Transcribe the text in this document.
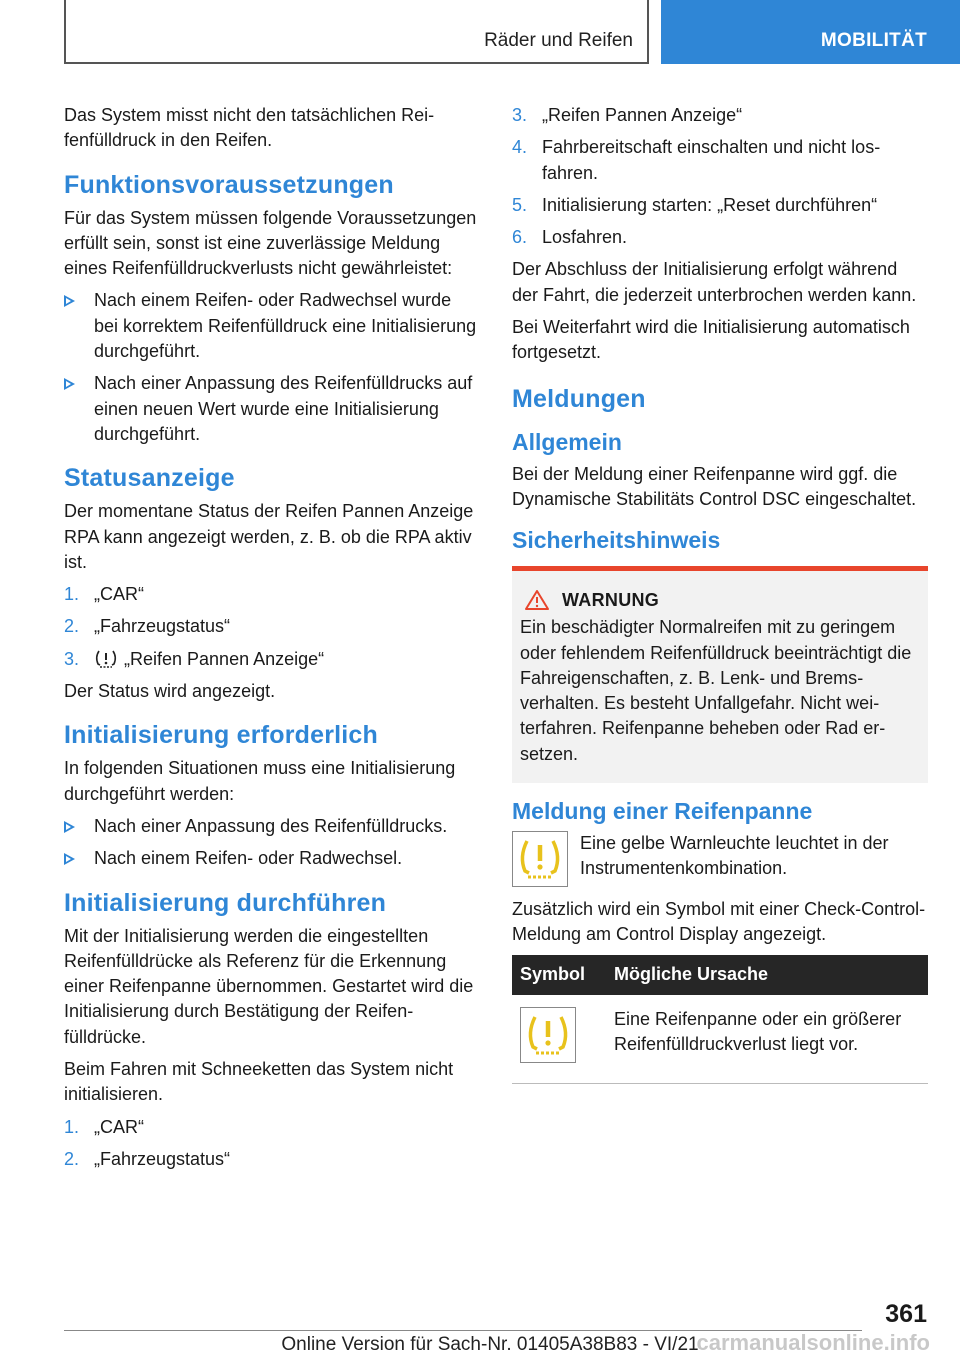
Räder und Reifen	MOBILITÄT

Das System misst nicht den tatsächlichen Reifenfülldruck in den Reifen.

Funktionsvoraussetzungen

Für das System müssen folgende Voraussetzungen erfüllt sein, sonst ist eine zuverlässige Meldung eines Reifenfülldruckverlusts nicht gewährleistet:

Nach einem Reifen- oder Radwechsel wurde bei korrektem Reifenfülldruck eine Initialisierung durchgeführt.
Nach einer Anpassung des Reifenfülldrucks auf einen neuen Wert wurde eine Initialisierung durchgeführt.
Statusanzeige

Der momentane Status der Reifen Pannen Anzeige RPA kann angezeigt werden, z. B. ob die RPA aktiv ist.

1. „CAR“
2. „Fahrzeugstatus“
3. „Reifen Pannen Anzeige“

Der Status wird angezeigt.

Initialisierung erforderlich

In folgenden Situationen muss eine Initialisierung durchgeführt werden:

Nach einer Anpassung des Reifenfülldrucks.
Nach einem Reifen- oder Radwechsel.
Initialisierung durchführen

Mit der Initialisierung werden die eingestellten Reifenfülldrücke als Referenz für die Erkennung einer Reifenpanne übernommen. Gestartet wird die Initialisierung durch Bestätigung der Reifenfülldrücke.

Beim Fahren mit Schneeketten das System nicht initialisieren.

1. „CAR“
2. „Fahrzeugstatus“
3. „Reifen Pannen Anzeige“
4. Fahrbereitschaft einschalten und nicht losfahren.
5. Initialisierung starten: „Reset durchführen“
6. Losfahren.

Der Abschluss der Initialisierung erfolgt während der Fahrt, die jederzeit unterbrochen werden kann.

Bei Weiterfahrt wird die Initialisierung automatisch fortgesetzt.

Meldungen
Allgemein

Bei der Meldung einer Reifenpanne wird ggf. die Dynamische Stabilitäts Control DSC eingeschaltet.

Sicherheitshinweis
WARNUNG

Ein beschädigter Normalreifen mit zu geringem oder fehlendem Reifenfülldruck beeinträchtigt die Fahreigenschaften, z. B. Lenk- und Bremsverhalten. Es besteht Unfallgefahr. Nicht weiterfahren. Reifenpanne beheben oder Rad ersetzen.

Meldung einer Reifenpanne

Eine gelbe Warnleuchte leuchtet in der Instrumentenkombination.

Zusätzlich wird ein Symbol mit einer Check-Control-Meldung am Control Display angezeigt.

Symbol	Mögliche Ursache

	Eine Reifenpanne oder ein größerer Reifenfülldruckverlust liegt vor.
361
Online Version für Sach-Nr. 01405A38B83 - VI/21
carmanualsonline.info
